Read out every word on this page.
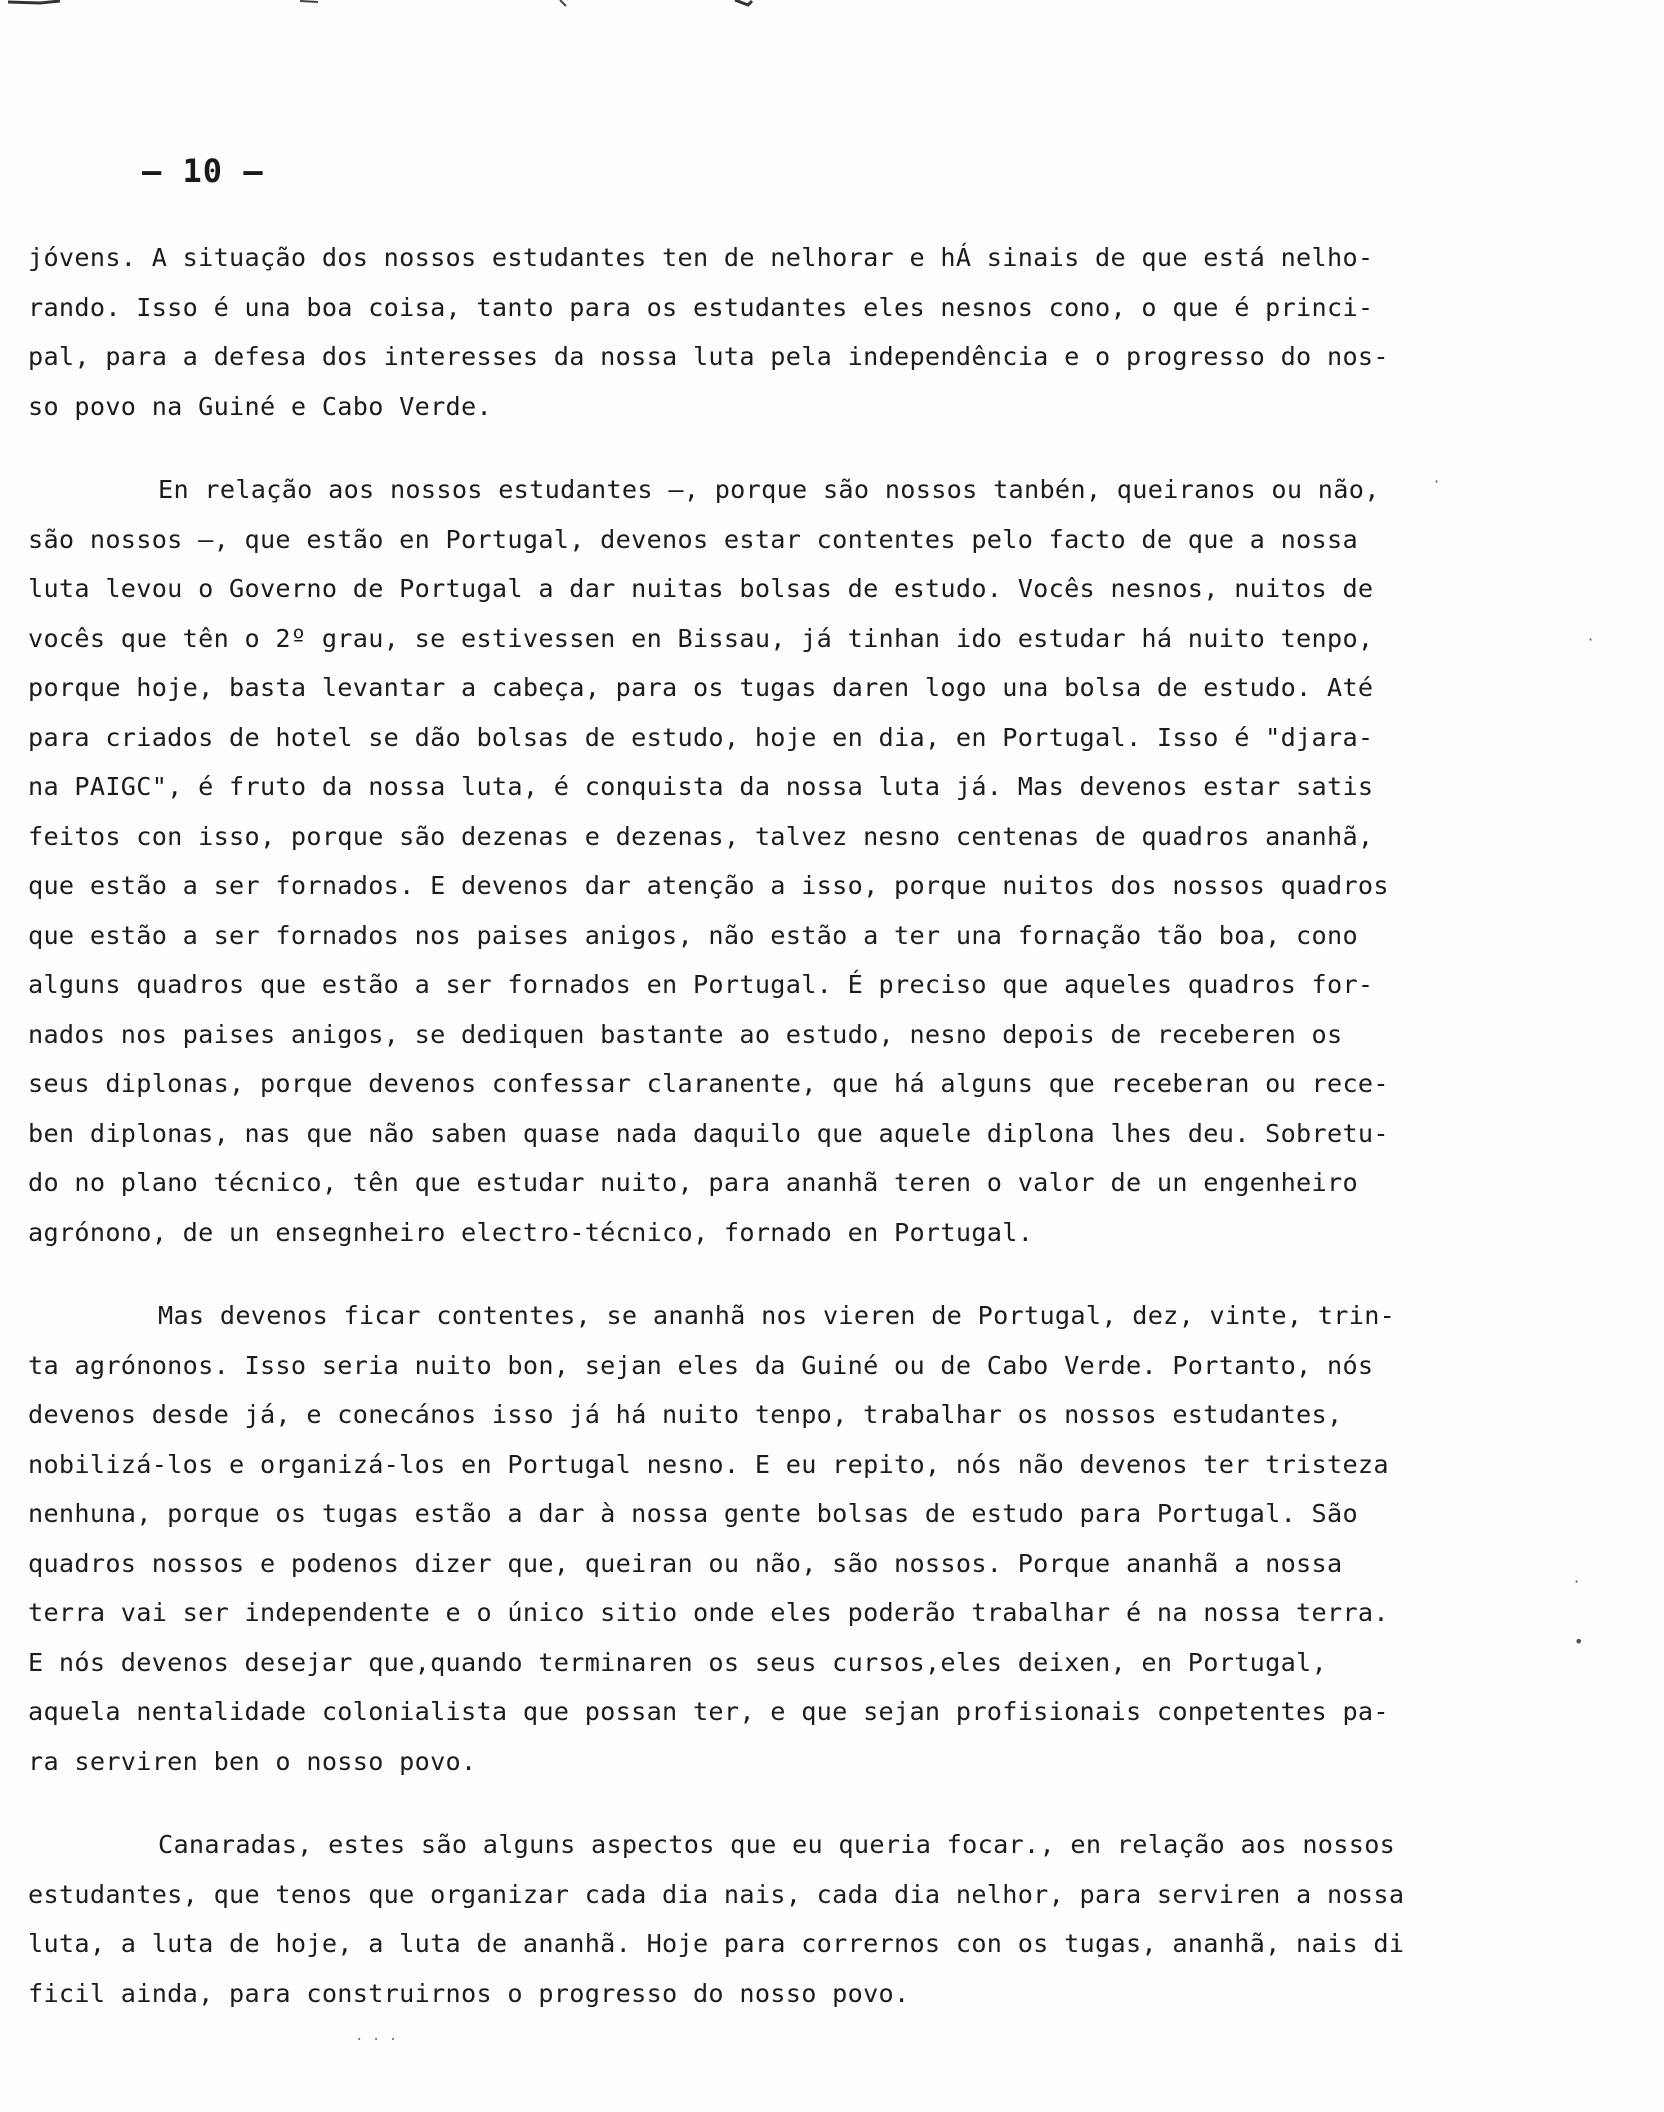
– 10 –
jóvens. A situação dos nossos estudantes ten de nelhorar e hÁ sinais de que está nelho-
rando. Isso é una boa coisa, tanto para os estudantes eles nesnos cono, o que é princi-
pal, para a defesa dos interesses da nossa luta pela independência e o progresso do nos-
so povo na Guiné e Cabo Verde.
En relação aos nossos estudantes –, porque são nossos tanbén, queiranos ou não,
são nossos –, que estão en Portugal, devenos estar contentes pelo facto de que a nossa
luta levou o Governo de Portugal a dar nuitas bolsas de estudo. Vocês nesnos, nuitos de
vocês que tên o 2º grau, se estivessen en Bissau, já tinhan ido estudar há nuito tenpo,
porque hoje, basta levantar a cabeça, para os tugas daren logo una bolsa de estudo. Até
para criados de hotel se dão bolsas de estudo, hoje en dia, en Portugal. Isso é "djara-
na PAIGC", é fruto da nossa luta, é conquista da nossa luta já. Mas devenos estar satis
feitos con isso, porque são dezenas e dezenas, talvez nesno centenas de quadros ananhã,
que estão a ser fornados. E devenos dar atenção a isso, porque nuitos dos nossos quadros
que estão a ser fornados nos paises anigos, não estão a ter una fornação tão boa, cono
alguns quadros que estão a ser fornados en Portugal. É preciso que aqueles quadros for-
nados nos paises anigos, se dediquen bastante ao estudo, nesno depois de receberen os
seus diplonas, porque devenos confessar claranente, que há alguns que receberan ou rece-
ben diplonas, nas que não saben quase nada daquilo que aquele diplona lhes deu. Sobretu-
do no plano técnico, tên que estudar nuito, para ananhã teren o valor de un engenheiro
agrónono, de un ensegnheiro electro-técnico, fornado en Portugal.
Mas devenos ficar contentes, se ananhã nos vieren de Portugal, dez, vinte, trin-
ta agrónonos. Isso seria nuito bon, sejan eles da Guiné ou de Cabo Verde. Portanto, nós
devenos desde já, e conecános isso já há nuito tenpo, trabalhar os nossos estudantes,
nobilizá-los e organizá-los en Portugal nesno. E eu repito, nós não devenos ter tristeza
nenhuna, porque os tugas estão a dar à nossa gente bolsas de estudo para Portugal. São
quadros nossos e podenos dizer que, queiran ou não, são nossos. Porque ananhã a nossa
terra vai ser independente e o único sitio onde eles poderão trabalhar é na nossa terra.
E nós devenos desejar que,quando terminaren os seus cursos,eles deixen, en Portugal,
aquela nentalidade colonialista que possan ter, e que sejan profisionais conpetentes pa-
ra serviren ben o nosso povo.
Canaradas, estes são alguns aspectos que eu queria focar., en relação aos nossos
estudantes, que tenos que organizar cada dia nais, cada dia nelhor, para serviren a nossa
luta, a luta de hoje, a luta de ananhã. Hoje para corrernos con os tugas, ananhã, nais di
ficil ainda, para construirnos o progresso do nosso povo.
·
·
·
•
· · ·
